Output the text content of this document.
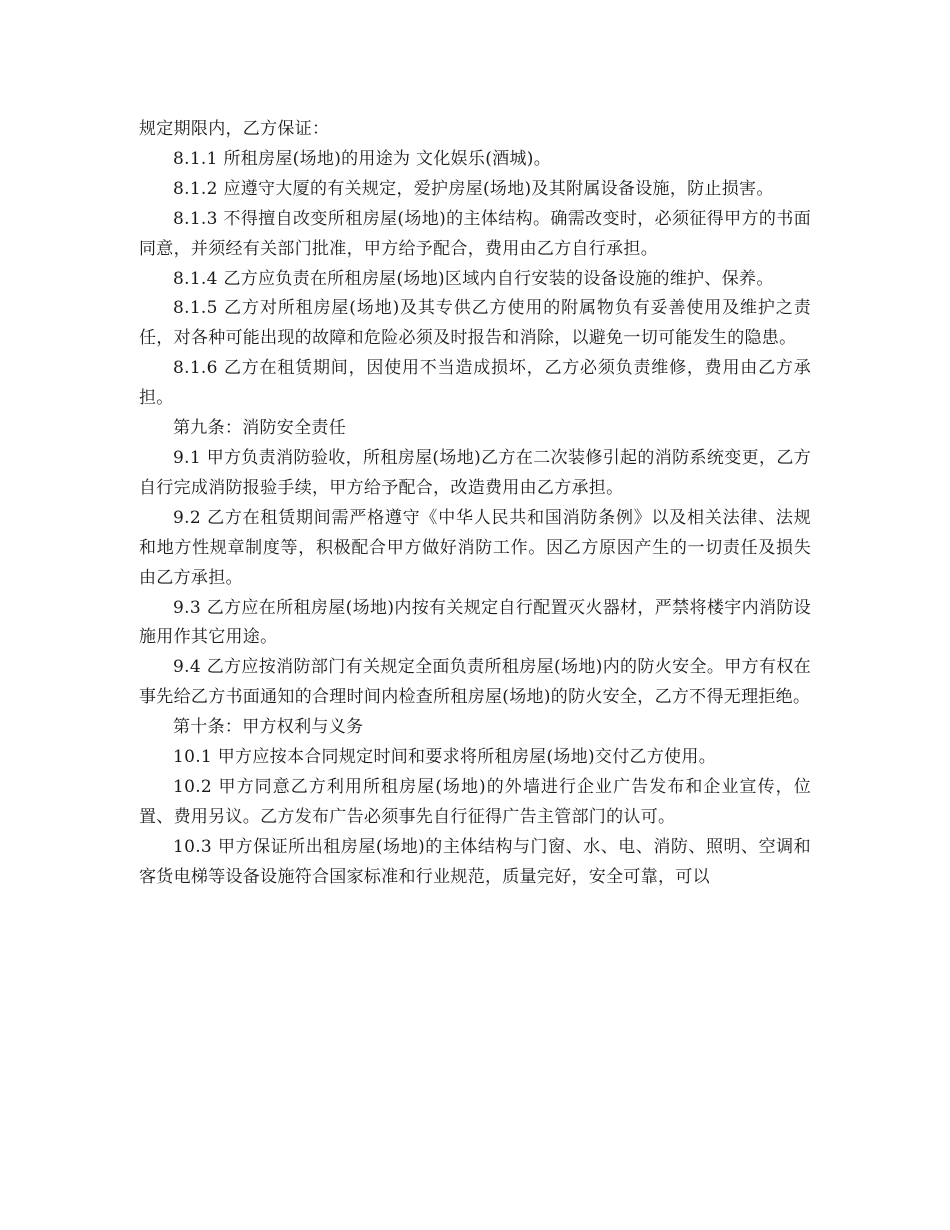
规定期限内，乙方保证：

8.1.1 所租房屋(场地)的用途为 文化娱乐(酒城)。

8.1.2 应遵守大厦的有关规定，爱护房屋(场地)及其附属设备设施，防止损害。

8.1.3 不得擅自改变所租房屋(场地)的主体结构。确需改变时，必须征得甲方的书面同意，并须经有关部门批准，甲方给予配合，费用由乙方自行承担。

8.1.4 乙方应负责在所租房屋(场地)区域内自行安装的设备设施的维护、保养。

8.1.5 乙方对所租房屋(场地)及其专供乙方使用的附属物负有妥善使用及维护之责任，对各种可能出现的故障和危险必须及时报告和消除，以避免一切可能发生的隐患。

8.1.6 乙方在租赁期间，因使用不当造成损坏，乙方必须负责维修，费用由乙方承担。

第九条：消防安全责任

9.1 甲方负责消防验收，所租房屋(场地)乙方在二次装修引起的消防系统变更，乙方自行完成消防报验手续，甲方给予配合，改造费用由乙方承担。

9.2 乙方在租赁期间需严格遵守《中华人民共和国消防条例》以及相关法律、法规和地方性规章制度等，积极配合甲方做好消防工作。因乙方原因产生的一切责任及损失由乙方承担。

9.3 乙方应在所租房屋(场地)内按有关规定自行配置灭火器材，严禁将楼宇内消防设施用作其它用途。

9.4 乙方应按消防部门有关规定全面负责所租房屋(场地)内的防火安全。甲方有权在事先给乙方书面通知的合理时间内检查所租房屋(场地)的防火安全，乙方不得无理拒绝。

第十条：甲方权利与义务

10.1 甲方应按本合同规定时间和要求将所租房屋(场地)交付乙方使用。

10.2 甲方同意乙方利用所租房屋(场地)的外墙进行企业广告发布和企业宣传，位置、费用另议。乙方发布广告必须事先自行征得广告主管部门的认可。

10.3 甲方保证所出租房屋(场地)的主体结构与门窗、水、电、消防、照明、空调和客货电梯等设备设施符合国家标准和行业规范，质量完好，安全可靠，可以
